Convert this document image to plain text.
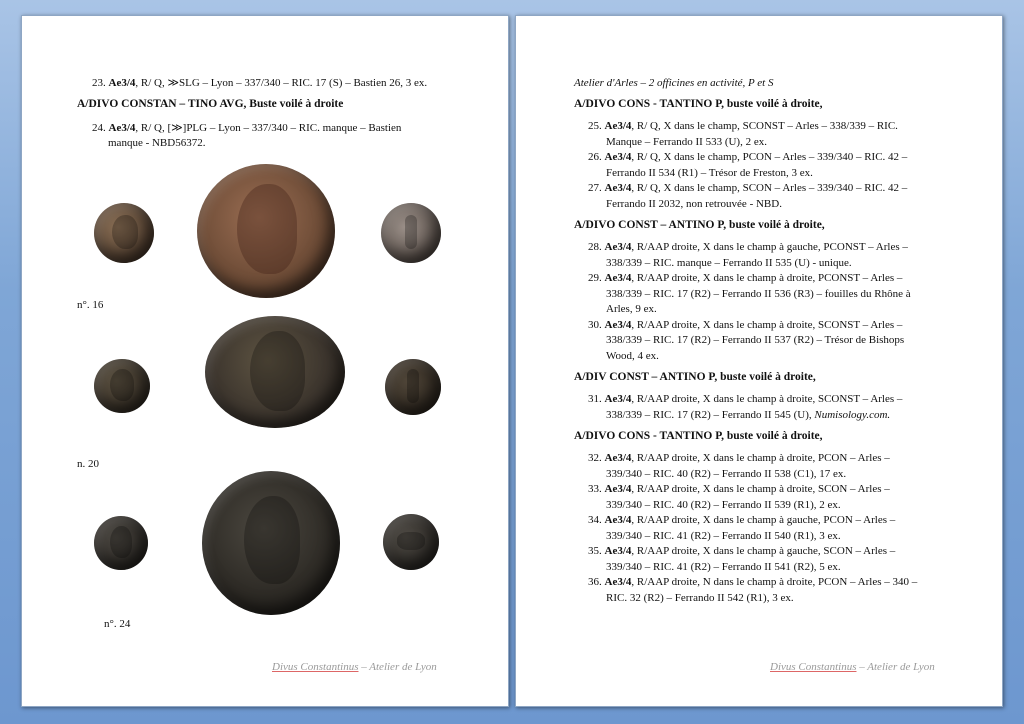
23. Ae3/4, R/ Q, ≫SLG – Lyon – 337/340 – RIC. 17 (S) – Bastien 26, 3 ex.
A/DIVO CONSTAN – TINO AVG, Buste voilé à droite
24. Ae3/4, R/ Q, [≫]PLG – Lyon – 337/340 – RIC. manque – Bastien
manque - NBD56372.
n°. 16
n. 20
n°. 24
Divus Constantinus – Atelier de Lyon
Atelier d'Arles – 2 officines en activité, P et S
A/DIVO CONS - TANTINO P, buste voilé à droite,
25. Ae3/4, R/ Q, X dans le champ, SCONST – Arles – 338/339 – RIC.
Manque – Ferrando II 533 (U), 2 ex.
26. Ae3/4, R/ Q, X dans le champ, PCON – Arles – 339/340 – RIC. 42 –
Ferrando II 534 (R1) – Trésor de Freston, 3 ex.
27. Ae3/4, R/ Q, X dans le champ, SCON – Arles – 339/340 – RIC. 42 –
Ferrando II 2032, non retrouvée - NBD.
A/DIVO CONST – ANTINO P, buste voilé à droite,
28. Ae3/4, R/AAP droite, X dans le champ à gauche, PCONST – Arles –
338/339 – RIC. manque – Ferrando II 535 (U) - unique.
29. Ae3/4, R/AAP droite, X dans le champ à droite, PCONST – Arles –
338/339 – RIC. 17 (R2) – Ferrando II 536 (R3) – fouilles du Rhône à
Arles, 9 ex.
30. Ae3/4, R/AAP droite, X dans le champ à droite, SCONST – Arles –
338/339 – RIC. 17 (R2) – Ferrando II 537 (R2) – Trésor de Bishops
Wood, 4 ex.
A/DIV CONST – ANTINO P, buste voilé à droite,
31. Ae3/4, R/AAP droite, X dans le champ à droite, SCONST – Arles –
338/339 – RIC. 17 (R2) – Ferrando II 545 (U), Numisology.com.
A/DIVO CONS - TANTINO P, buste voilé à droite,
32. Ae3/4, R/AAP droite, X dans le champ à droite, PCON – Arles –
339/340 – RIC. 40 (R2) – Ferrando II 538 (C1), 17 ex.
33. Ae3/4, R/AAP droite, X dans le champ à droite, SCON – Arles –
339/340 – RIC. 40 (R2) – Ferrando II 539 (R1), 2 ex.
34. Ae3/4, R/AAP droite, X dans le champ à gauche, PCON – Arles –
339/340 – RIC. 41 (R2) – Ferrando II 540 (R1), 3 ex.
35. Ae3/4, R/AAP droite, X dans le champ à gauche, SCON – Arles –
339/340 – RIC. 41 (R2) – Ferrando II 541 (R2), 5 ex.
36. Ae3/4, R/AAP droite, N dans le champ à droite, PCON – Arles – 340 –
RIC. 32 (R2) – Ferrando II 542 (R1), 3 ex.
Divus Constantinus – Atelier de Lyon
